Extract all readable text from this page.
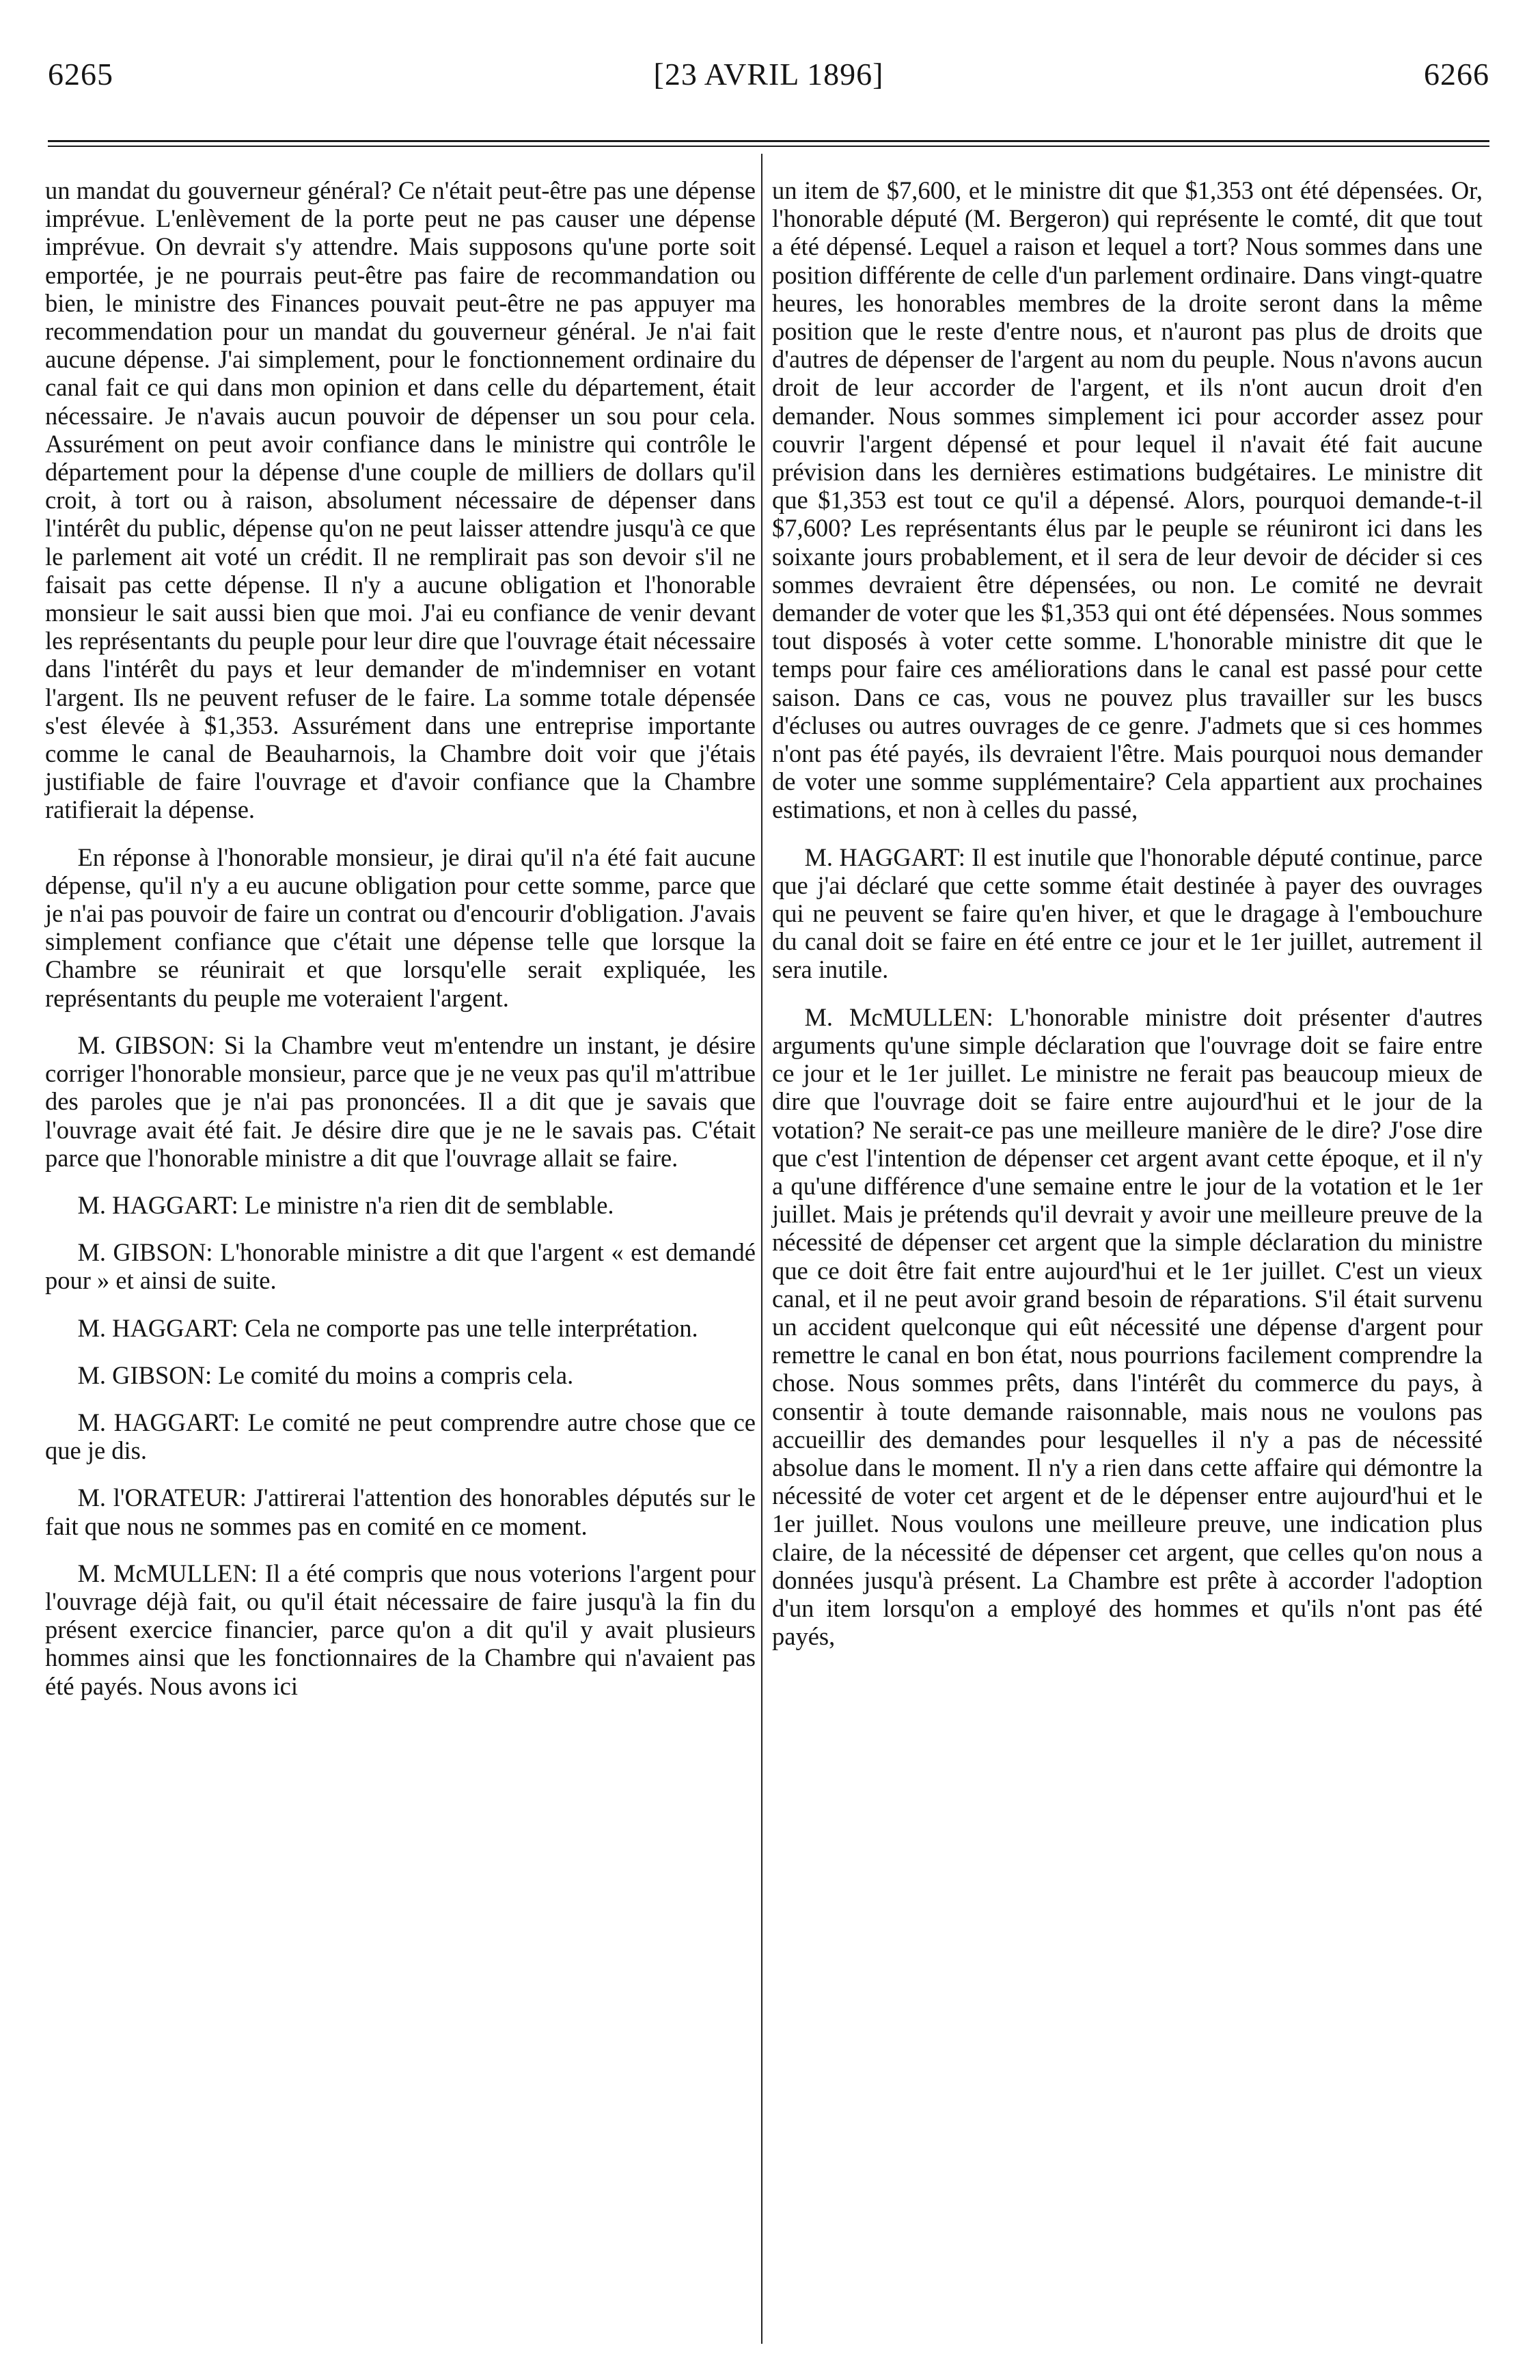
6265	[23 AVRIL 1896]	6266

un mandat du gouverneur général? Ce n'était peut-être pas une dépense imprévue. L'enlèvement de la porte peut ne pas causer une dépense imprévue. On devrait s'y attendre. Mais supposons qu'une porte soit emportée, je ne pourrais peut-être pas faire de recommandation ou bien, le ministre des Finances pouvait peut-être ne pas appuyer ma recommendation pour un mandat du gouverneur général. Je n'ai fait aucune dépense. J'ai simplement, pour le fonctionnement ordinaire du canal fait ce qui dans mon opinion et dans celle du département, était nécessaire. Je n'avais aucun pouvoir de dépenser un sou pour cela. Assurément on peut avoir confiance dans le ministre qui contrôle le département pour la dépense d'une couple de milliers de dollars qu'il croit, à tort ou à raison, absolument nécessaire de dépenser dans l'intérêt du public, dépense qu'on ne peut laisser attendre jusqu'à ce que le parlement ait voté un crédit. Il ne remplirait pas son devoir s'il ne faisait pas cette dépense. Il n'y a aucune obligation et l'honorable monsieur le sait aussi bien que moi. J'ai eu confiance de venir devant les représentants du peuple pour leur dire que l'ouvrage était nécessaire dans l'intérêt du pays et leur demander de m'indemniser en votant l'argent. Ils ne peuvent refuser de le faire. La somme totale dépensée s'est élevée à $1,353. Assurément dans une entreprise importante comme le canal de Beauharnois, la Chambre doit voir que j'étais justifiable de faire l'ouvrage et d'avoir confiance que la Chambre ratifierait la dépense.

En réponse à l'honorable monsieur, je dirai qu'il n'a été fait aucune dépense, qu'il n'y a eu aucune obligation pour cette somme, parce que je n'ai pas pouvoir de faire un contrat ou d'encourir d'obligation. J'avais simplement confiance que c'était une dépense telle que lorsque la Chambre se réunirait et que lorsqu'elle serait expliquée, les représentants du peuple me voteraient l'argent.

M. GIBSON: Si la Chambre veut m'entendre un instant, je désire corriger l'honorable monsieur, parce que je ne veux pas qu'il m'attribue des paroles que je n'ai pas prononcées. Il a dit que je savais que l'ouvrage avait été fait. Je désire dire que je ne le savais pas. C'était parce que l'honorable ministre a dit que l'ouvrage allait se faire.

M. HAGGART: Le ministre n'a rien dit de semblable.

M. GIBSON: L'honorable ministre a dit que l'argent « est demandé pour » et ainsi de suite.

M. HAGGART: Cela ne comporte pas une telle interprétation.

M. GIBSON: Le comité du moins a compris cela.

M. HAGGART: Le comité ne peut comprendre autre chose que ce que je dis.

M. l'ORATEUR: J'attirerai l'attention des honorables députés sur le fait que nous ne sommes pas en comité en ce moment.

M. McMULLEN: Il a été compris que nous voterions l'argent pour l'ouvrage déjà fait, ou qu'il était nécessaire de faire jusqu'à la fin du présent exercice financier, parce qu'on a dit qu'il y avait plusieurs hommes ainsi que les fonctionnaires de la Chambre qui n'avaient pas été payés. Nous avons ici

un item de $7,600, et le ministre dit que $1,353 ont été dépensées. Or, l'honorable député (M. Bergeron) qui représente le comté, dit que tout a été dépensé. Lequel a raison et lequel a tort? Nous sommes dans une position différente de celle d'un parlement ordinaire. Dans vingt-quatre heures, les honorables membres de la droite seront dans la même position que le reste d'entre nous, et n'auront pas plus de droits que d'autres de dépenser de l'argent au nom du peuple. Nous n'avons aucun droit de leur accorder de l'argent, et ils n'ont aucun droit d'en demander. Nous sommes simplement ici pour accorder assez pour couvrir l'argent dépensé et pour lequel il n'avait été fait aucune prévision dans les dernières estimations budgétaires. Le ministre dit que $1,353 est tout ce qu'il a dépensé. Alors, pourquoi demande-t-il $7,600? Les représentants élus par le peuple se réuniront ici dans les soixante jours probablement, et il sera de leur devoir de décider si ces sommes devraient être dépensées, ou non. Le comité ne devrait demander de voter que les $1,353 qui ont été dépensées. Nous sommes tout disposés à voter cette somme. L'honorable ministre dit que le temps pour faire ces améliorations dans le canal est passé pour cette saison. Dans ce cas, vous ne pouvez plus travailler sur les buscs d'écluses ou autres ouvrages de ce genre. J'admets que si ces hommes n'ont pas été payés, ils devraient l'être. Mais pourquoi nous demander de voter une somme supplémentaire? Cela appartient aux prochaines estimations, et non à celles du passé,

M. HAGGART: Il est inutile que l'honorable député continue, parce que j'ai déclaré que cette somme était destinée à payer des ouvrages qui ne peuvent se faire qu'en hiver, et que le dragage à l'embouchure du canal doit se faire en été entre ce jour et le 1er juillet, autrement il sera inutile.

M. McMULLEN: L'honorable ministre doit présenter d'autres arguments qu'une simple déclaration que l'ouvrage doit se faire entre ce jour et le 1er juillet. Le ministre ne ferait pas beaucoup mieux de dire que l'ouvrage doit se faire entre aujourd'hui et le jour de la votation? Ne serait-ce pas une meilleure manière de le dire? J'ose dire que c'est l'intention de dépenser cet argent avant cette époque, et il n'y a qu'une différence d'une semaine entre le jour de la votation et le 1er juillet. Mais je prétends qu'il devrait y avoir une meilleure preuve de la nécessité de dépenser cet argent que la simple déclaration du ministre que ce doit être fait entre aujourd'hui et le 1er juillet. C'est un vieux canal, et il ne peut avoir grand besoin de réparations. S'il était survenu un accident quelconque qui eût nécessité une dépense d'argent pour remettre le canal en bon état, nous pourrions facilement comprendre la chose. Nous sommes prêts, dans l'intérêt du commerce du pays, à consentir à toute demande raisonnable, mais nous ne voulons pas accueillir des demandes pour lesquelles il n'y a pas de nécessité absolue dans le moment. Il n'y a rien dans cette affaire qui démontre la nécessité de voter cet argent et de le dépenser entre aujourd'hui et le 1er juillet. Nous voulons une meilleure preuve, une indication plus claire, de la nécessité de dépenser cet argent, que celles qu'on nous a données jusqu'à présent. La Chambre est prête à accorder l'adoption d'un item lorsqu'on a employé des hommes et qu'ils n'ont pas été payés,
